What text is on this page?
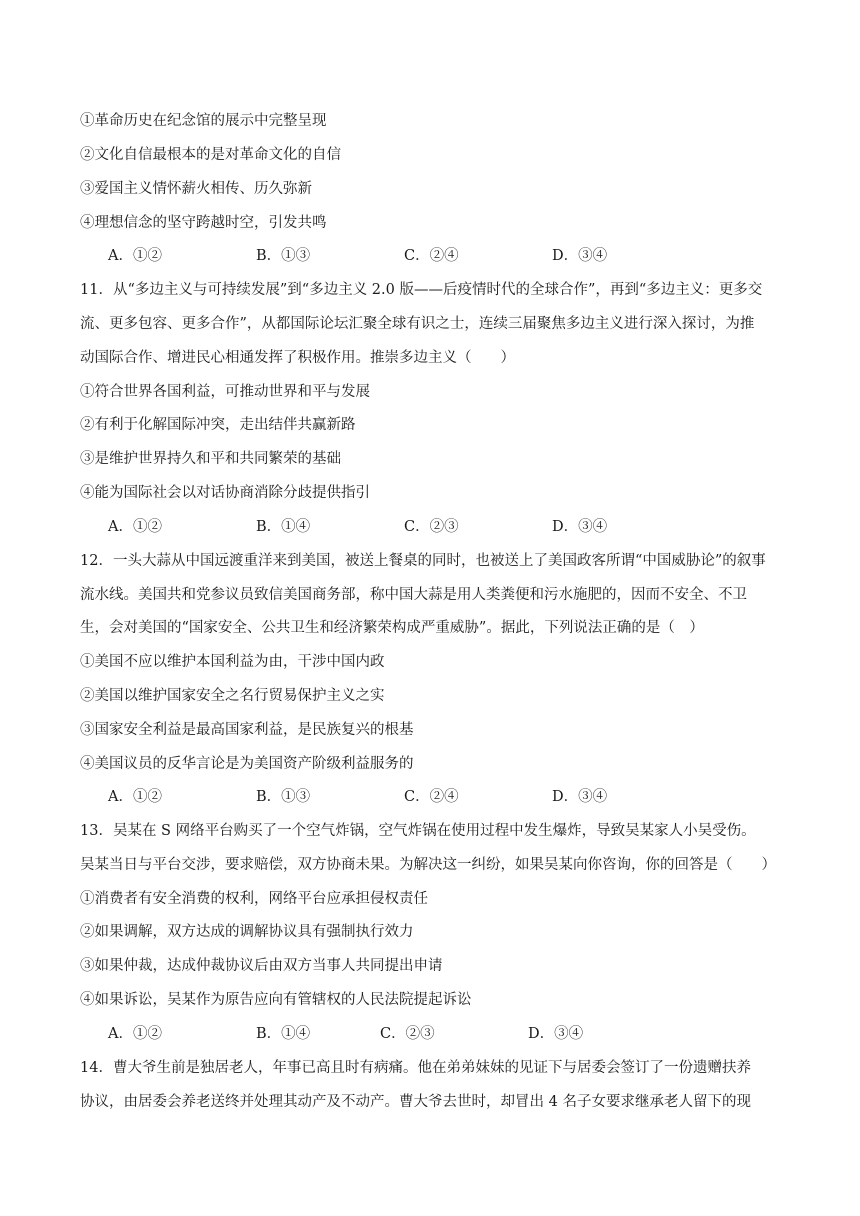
①革命历史在纪念馆的展示中完整呈现
②文化自信最根本的是对革命文化的自信
③爱国主义情怀薪火相传、历久弥新
④理想信念的坚守跨越时空，引发共鸣
A．①②	B．①③	C．②④	D．③④
11．从“多边主义与可持续发展”到“多边主义 2.0 版——后疫情时代的全球合作”，再到“多边主义：更多交
流、更多包容、更多合作”，从都国际论坛汇聚全球有识之士，连续三届聚焦多边主义进行深入探讨，为推
动国际合作、增进民心相通发挥了积极作用。推崇多边主义（　　）
①符合世界各国利益，可推动世界和平与发展
②有利于化解国际冲突，走出结伴共赢新路
③是维护世界持久和平和共同繁荣的基础
④能为国际社会以对话协商消除分歧提供指引
A．①②	B．①④	C．②③	D．③④
12．一头大蒜从中国远渡重洋来到美国，被送上餐桌的同时，也被送上了美国政客所谓“中国威胁论”的叙事
流水线。美国共和党参议员致信美国商务部，称中国大蒜是用人类粪便和污水施肥的，因而不安全、不卫
生，会对美国的“国家安全、公共卫生和经济繁荣构成严重威胁”。据此，下列说法正确的是（　）
①美国不应以维护本国利益为由，干涉中国内政
②美国以维护国家安全之名行贸易保护主义之实
③国家安全利益是最高国家利益，是民族复兴的根基
④美国议员的反华言论是为美国资产阶级利益服务的
A．①②	B．①③	C．②④	D．③④
13．吴某在 S 网络平台购买了一个空气炸锅，空气炸锅在使用过程中发生爆炸，导致吴某家人小吴受伤。
吴某当日与平台交涉，要求赔偿，双方协商未果。为解决这一纠纷，如果吴某向你咨询，你的回答是（　　）
①消费者有安全消费的权利，网络平台应承担侵权责任
②如果调解，双方达成的调解协议具有强制执行效力
③如果仲裁，达成仲裁协议后由双方当事人共同提出申请
④如果诉讼，吴某作为原告应向有管辖权的人民法院提起诉讼
A．①②	B．①④	C．②③	D．③④
14．曹大爷生前是独居老人，年事已高且时有病痛。他在弟弟妹妹的见证下与居委会签订了一份遗赠扶养
协议，由居委会养老送终并处理其动产及不动产。曹大爷去世时，却冒出 4 名子女要求继承老人留下的现
